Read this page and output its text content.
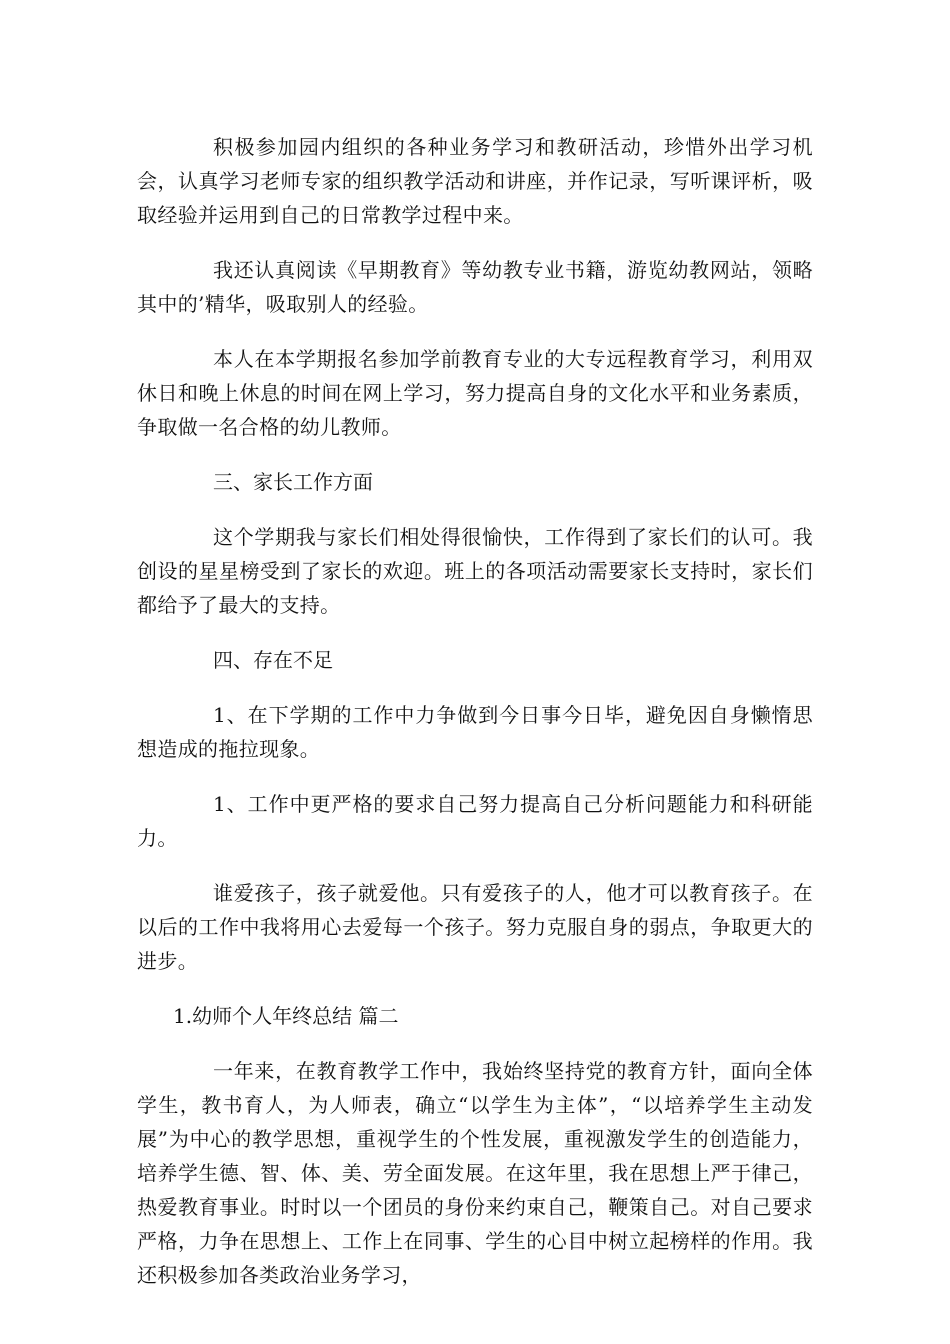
积极参加园内组织的各种业务学习和教研活动，珍惜外出学习机会，认真学习老师专家的组织教学活动和讲座，并作记录，写听课评析，吸取经验并运用到自己的日常教学过程中来。

我还认真阅读《早期教育》等幼教专业书籍，游览幼教网站，领略其中的’精华，吸取别人的经验。

本人在本学期报名参加学前教育专业的大专远程教育学习，利用双休日和晚上休息的时间在网上学习，努力提高自身的文化水平和业务素质，争取做一名合格的幼儿教师。

三、家长工作方面

这个学期我与家长们相处得很愉快，工作得到了家长们的认可。我创设的星星榜受到了家长的欢迎。班上的各项活动需要家长支持时，家长们都给予了最大的支持。

四、存在不足

1、在下学期的工作中力争做到今日事今日毕，避免因自身懒惰思想造成的拖拉现象。

1、工作中更严格的要求自己努力提高自己分析问题能力和科研能力。

谁爱孩子，孩子就爱他。只有爱孩子的人，他才可以教育孩子。在以后的工作中我将用心去爱每一个孩子。努力克服自身的弱点，争取更大的进步。

1.幼师个人年终总结 篇二

一年来，在教育教学工作中，我始终坚持党的教育方针，面向全体学生，教书育人，为人师表，确立“以学生为主体”，“以培养学生主动发展”为中心的教学思想，重视学生的个性发展，重视激发学生的创造能力，培养学生德、智、体、美、劳全面发展。在这年里，我在思想上严于律己，热爱教育事业。时时以一个团员的身份来约束自己，鞭策自己。对自己要求严格，力争在思想上、工作上在同事、学生的心目中树立起榜样的作用。我还积极参加各类政治业务学习，
